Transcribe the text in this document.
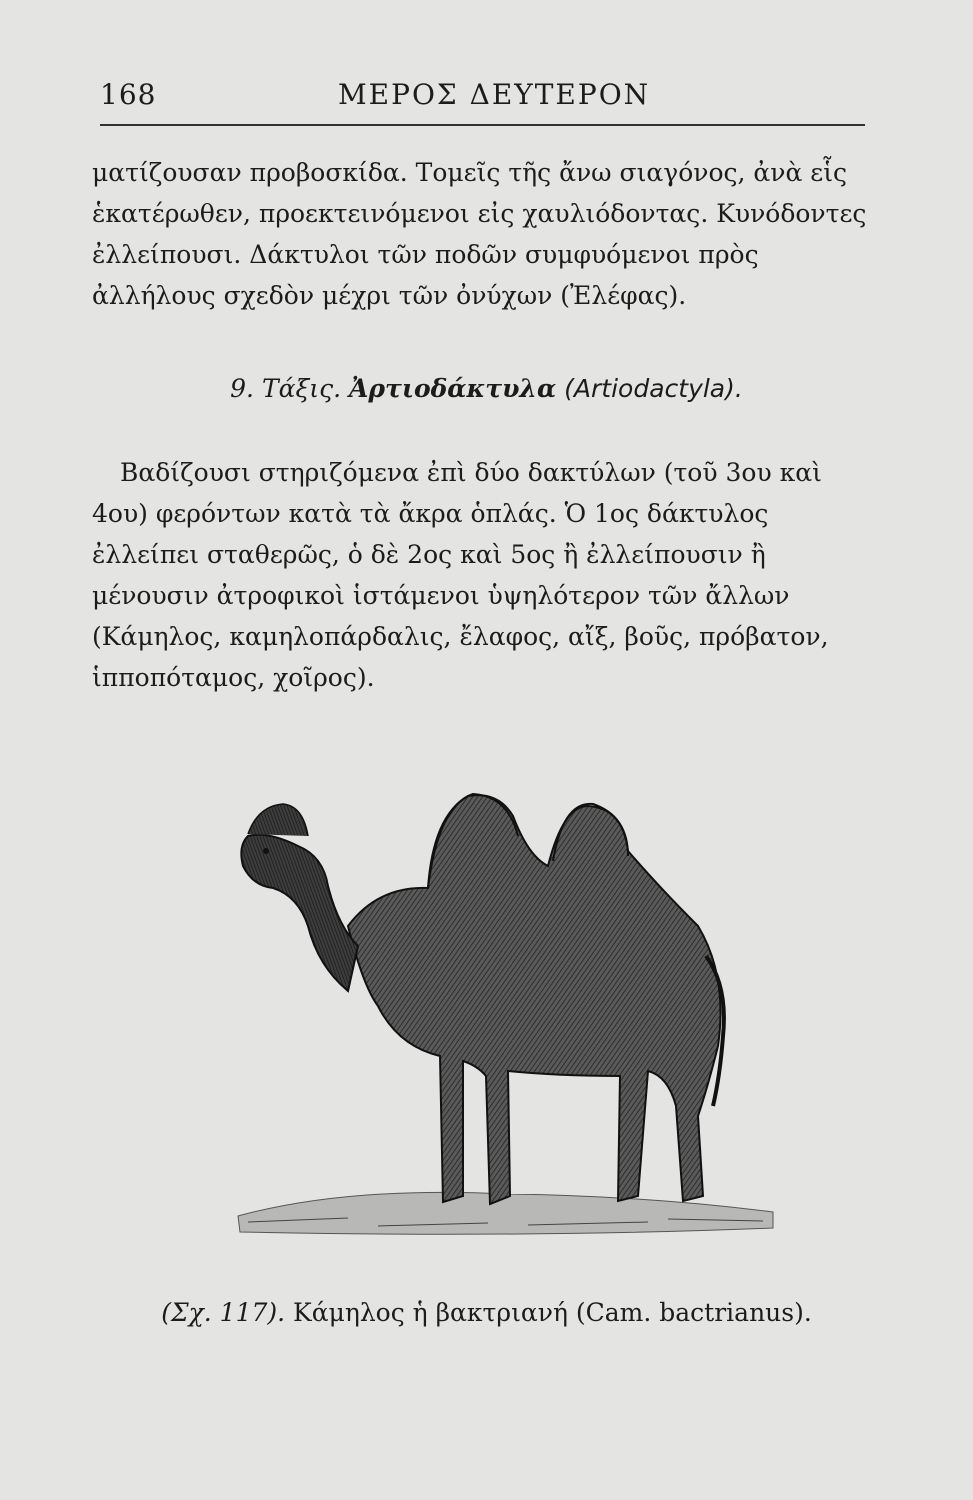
168	ΜΕΡΟΣ ΔΕΥΤΕΡΟΝ

ματίζουσαν προβοσκίδα. Τομεῖς τῆς ἄνω σιαγόνος, ἀνὰ εἷς ἑκατέρωθεν, προεκτεινόμενοι εἰς χαυλιόδοντας. Κυνόδοντες ἐλλείπουσι. Δάκτυλοι τῶν ποδῶν συμφυόμενοι πρὸς ἀλλήλους σχεδὸν μέχρι τῶν ὀνύχων (Ἐλέφας).

9. Τάξις. Ἀρτιοδάκτυλα (Artiodactyla).

Βαδίζουσι στηριζόμενα ἐπὶ δύο δακτύλων (τοῦ 3ου καὶ 4ου) φερόντων κατὰ τὰ ἄκρα ὁπλάς. Ὁ 1ος δάκτυλος ἐλλείπει σταθερῶς, ὁ δὲ 2ος καὶ 5ος ἢ ἐλλείπουσιν ἢ μένουσιν ἀτροφικοὶ ἱστάμενοι ὑψηλότερον τῶν ἄλλων (Κάμηλος, καμηλοπάρδαλις, ἔλαφος, αἴξ, βοῦς, πρόβατον, ἱπποπόταμος, χοῖρος).

(Σχ. 117). Κάμηλος ἡ βακτριανή (Cam. bactrianus).
